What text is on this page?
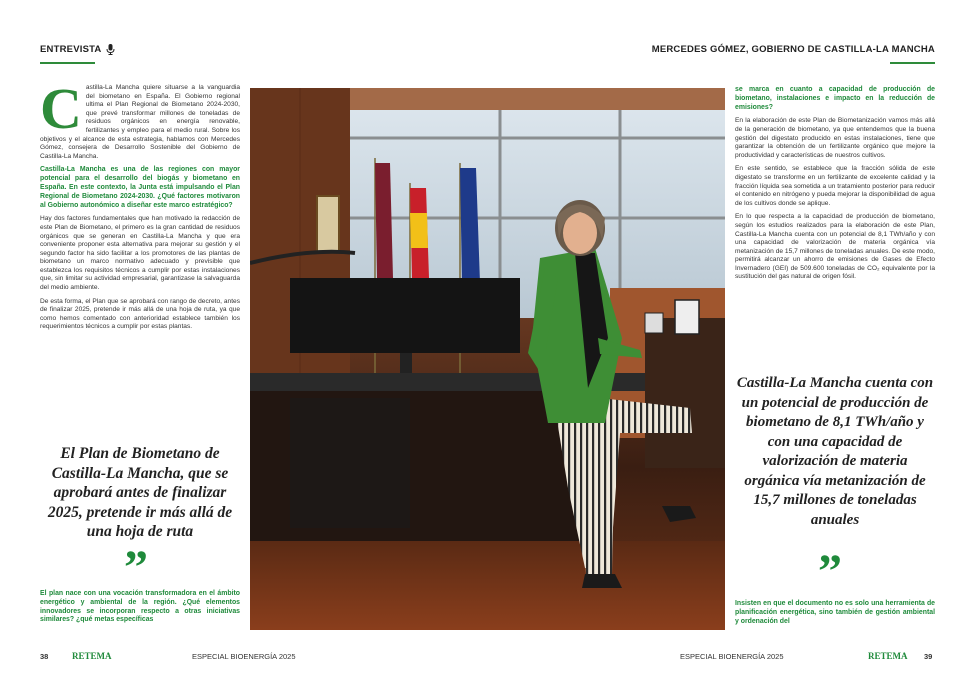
ENTREVISTA	MERCEDES GÓMEZ, GOBIERNO DE CASTILLA-LA MANCHA

Castilla-La Mancha quiere situarse a la vanguardia del biometano en España. El Gobierno regional ultima el Plan Regional de Biometano 2024-2030, que prevé transformar millones de toneladas de residuos orgánicos en energía renovable, fertilizantes y empleo para el medio rural. Sobre los objetivos y el alcance de esta estrategia, hablamos con Mercedes Gómez, consejera de Desarrollo Sostenible del Gobierno de Castilla-La Mancha.

Castilla-La Mancha es una de las regiones con mayor potencial para el desarrollo del biogás y biometano en España. En este contexto, la Junta está impulsando el Plan Regional de Biometano 2024-2030. ¿Qué factores motivaron al Gobierno autonómico a diseñar este marco estratégico?

Hay dos factores fundamentales que han motivado la redacción de este Plan de Biometano, el primero es la gran cantidad de residuos orgánicos que se generan en Castilla-La Mancha y que era conveniente proponer esta alternativa para mejorar su gestión y el segundo factor ha sido facilitar a los promotores de las plantas de biometano un marco normativo adecuado y previsible que establezca los requisitos técnicos a cumplir por estas instalaciones que, sin limitar su actividad empresarial, garantizase la salvaguarda del medio ambiente.

De esta forma, el Plan que se aprobará con rango de decreto, antes de finalizar 2025, pretende ir más allá de una hoja de ruta, ya que como hemos comentado con anterioridad establece también los requerimientos técnicos a cumplir por estas plantas.

El Plan de Biometano de Castilla-La Mancha, que se aprobará antes de finalizar 2025, pretende ir más allá de una hoja de ruta
”

El plan nace con una vocación transformadora en el ámbito energético y ambiental de la región. ¿Qué elementos innovadores se incorporan respecto a otras iniciativas similares? ¿qué metas específicas

se marca en cuanto a capacidad de producción de biometano, instalaciones e impacto en la reducción de emisiones?

En la elaboración de este Plan de Biometanización vamos más allá de la generación de biometano, ya que entendemos que la buena gestión del digestato producido en estas instalaciones, tiene que garantizar la obtención de un fertilizante orgánico que mejore la productividad y características de nuestros cultivos.

En este sentido, se establece que la fracción sólida de este digestato se transforme en un fertilizante de excelente calidad y la fracción líquida sea sometida a un tratamiento posterior para reducir el contenido en nitrógeno y pueda mejorar la disponibilidad de agua de los cultivos donde se aplique.

En lo que respecta a la capacidad de producción de biometano, según los estudios realizados para la elaboración de este Plan, Castilla-La Mancha cuenta con un potencial de 8,1 TWh/año y con una capacidad de valorización de materia orgánica vía metanización de 15,7 millones de toneladas anuales. De este modo, permitirá alcanzar un ahorro de emisiones de Gases de Efecto Invernadero (GEI) de 509.600 toneladas de CO₂ equivalente por la sustitución del gas natural de origen fósil.

Castilla-La Mancha cuenta con un potencial de producción de biometano de 8,1 TWh/año y con una capacidad de valorización de materia orgánica vía metanización de 15,7 millones de toneladas anuales
”

Insisten en que el documento no es solo una herramienta de planificación energética, sino también de gestión ambiental y ordenación del

38	RETEMA	ESPECIAL BIOENERGÍA 2025	ESPECIAL BIOENERGÍA 2025	RETEMA 39
